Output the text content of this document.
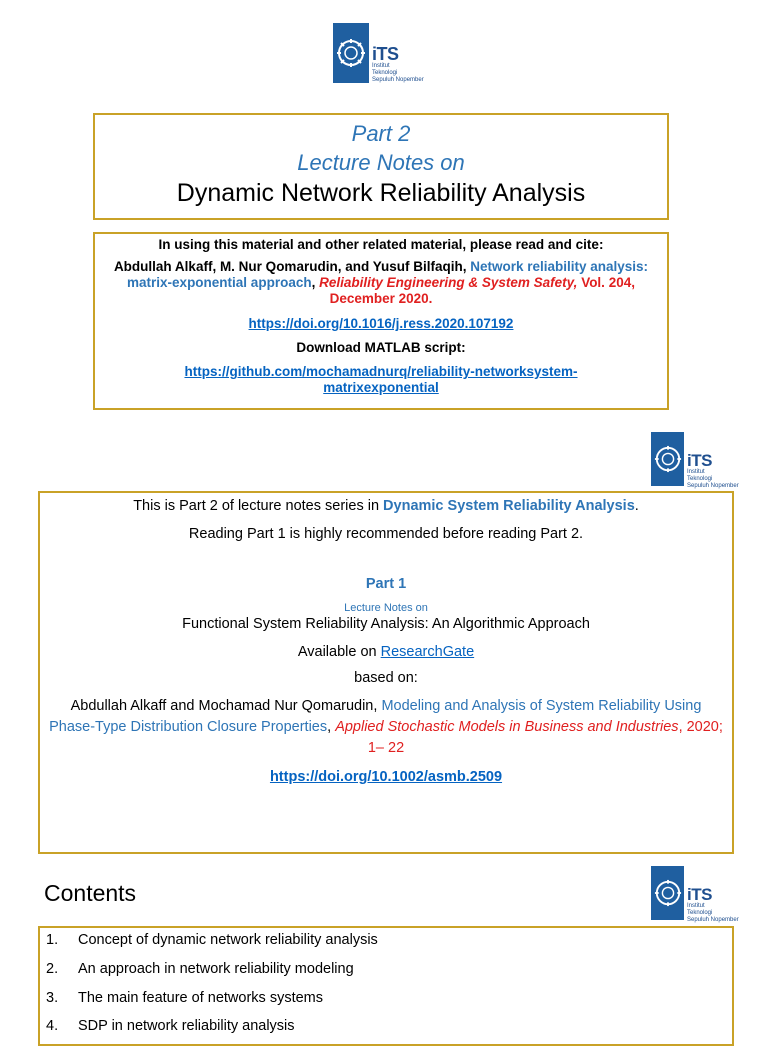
iTS
Institut
Teknologi
Sepuluh Nopember
Part 2
Lecture Notes on
Dynamic Network Reliability Analysis

In using this material and other related material, please read and cite:

Abdullah Alkaff, M. Nur Qomarudin, and Yusuf Bilfaqih, Network reliability analysis: matrix-exponential approach, Reliability Engineering & System Safety, Vol. 204, December 2020.

https://doi.org/10.1016/j.ress.2020.107192

Download MATLAB script:

https://github.com/mochamadnurq/reliability-networksystem-

matrixexponential

iTS
Institut
Teknologi
Sepuluh Nopember

This is Part 2 of lecture notes series in Dynamic System Reliability Analysis.

Reading Part 1 is highly recommended before reading Part 2.

Part 1

Lecture Notes on

Functional System Reliability Analysis: An Algorithmic Approach

Available on ResearchGate

based on:

Abdullah Alkaff and Mochamad Nur Qomarudin, Modeling and Analysis of System Reliability Using Phase-Type Distribution Closure Properties, Applied Stochastic Models in Business and Industries, 2020; 1– 22

https://doi.org/10.1002/asmb.2509

Contents	iTS
Institut
Teknologi
Sepuluh Nopember
1. Concept of dynamic network reliability analysis
2. An approach in network reliability modeling
3. The main feature of networks systems
4. SDP in network reliability analysis
